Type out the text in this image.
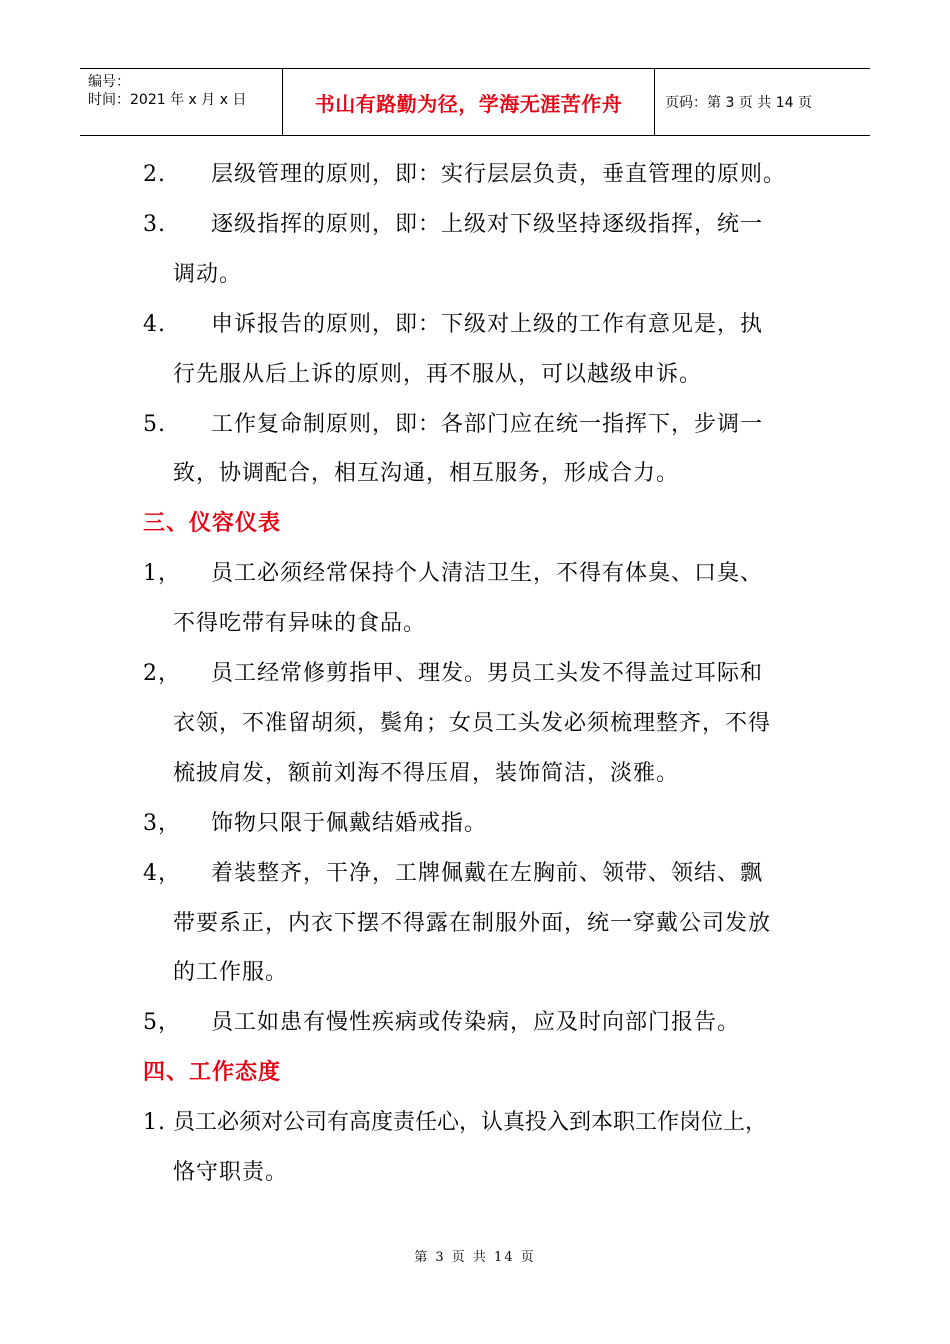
编号：
时间：2021 年 x 月 x 日	书山有路勤为径，学海无涯苦作舟	页码：第 3 页 共 14 页
2. 层级管理的原则，即：实行层层负责，垂直管理的原则。
3. 逐级指挥的原则，即：上级对下级坚持逐级指挥，统一
调动。
4. 申诉报告的原则，即：下级对上级的工作有意见是，执
行先服从后上诉的原则，再不服从，可以越级申诉。
5. 工作复命制原则，即：各部门应在统一指挥下，步调一
致，协调配合，相互沟通，相互服务，形成合力。
三、仪容仪表
1， 员工必须经常保持个人清洁卫生，不得有体臭、口臭、
不得吃带有异味的食品。
2， 员工经常修剪指甲、理发。男员工头发不得盖过耳际和
衣领，不准留胡须，鬓角；女员工头发必须梳理整齐，不得
梳披肩发，额前刘海不得压眉，装饰简洁，淡雅。
3， 饰物只限于佩戴结婚戒指。
4， 着装整齐，干净，工牌佩戴在左胸前、领带、领结、飘
带要系正，内衣下摆不得露在制服外面，统一穿戴公司发放
的工作服。
5， 员工如患有慢性疾病或传染病，应及时向部门报告。
四、工作态度
1. 员工必须对公司有高度责任心，认真投入到本职工作岗位上，
恪守职责。
第 3 页 共 14 页
